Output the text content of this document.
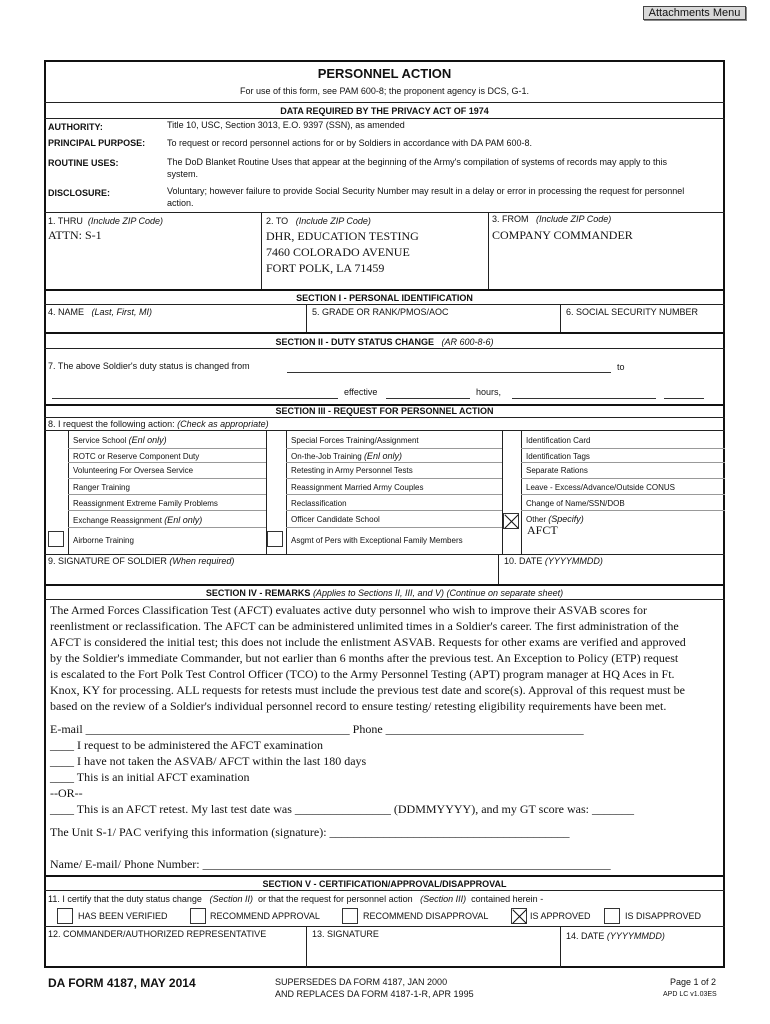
Attachments Menu
PERSONNEL ACTION
For use of this form, see PAM 600-8; the proponent agency is DCS, G-1.
DATA REQUIRED BY THE PRIVACY ACT OF 1974
AUTHORITY:	Title 10, USC, Section 3013, E.O. 9397 (SSN), as amended
PRINCIPAL PURPOSE: To request or record personnel actions for or by Soldiers in accordance with DA PAM 600-8.
ROUTINE USES:	The DoD Blanket Routine Uses that appear at the beginning of the Army's compilation of systems of records may apply to this system.
DISCLOSURE:	Voluntary; however failure to provide Social Security Number may result in a delay or error in processing the request for personnel action.
1. THRU (Include ZIP Code)
ATTN: S-1
2. TO (Include ZIP Code)
DHR, EDUCATION TESTING
7460 COLORADO AVENUE
FORT POLK, LA 71459
3. FROM (Include ZIP Code)
COMPANY COMMANDER
SECTION I - PERSONAL IDENTIFICATION
4. NAME (Last, First, MI)	5. GRADE OR RANK/PMOS/AOC	6. SOCIAL SECURITY NUMBER
SECTION II - DUTY STATUS CHANGE (AR 600-8-6)
7. The above Soldier's duty status is changed from	to
effective	hours,
SECTION III - REQUEST FOR PERSONNEL ACTION
8. I request the following action: (Check as appropriate)
Service School (Enl only)
ROTC or Reserve Component Duty
Volunteering For Oversea Service
Ranger Training
Reassignment Extreme Family Problems
Exchange Reassignment (Enl only)
Airborne Training
Special Forces Training/Assignment
On-the-Job Training (Enl only)
Retesting in Army Personnel Tests
Reassignment Married Army Couples
Reclassification
Officer Candidate School
Asgmt of Pers with Exceptional Family Members
Identification Card
Identification Tags
Separate Rations
Leave - Excess/Advance/Outside CONUS
Change of Name/SSN/DOB
Other (Specify)
AFCT
9. SIGNATURE OF SOLDIER (When required)	10. DATE (YYYYMMDD)
SECTION IV - REMARKS (Applies to Sections II, III, and V) (Continue on separate sheet)
The Armed Forces Classification Test (AFCT) evaluates active duty personnel who wish to improve their ASVAB scores for
reenlistment or reclassification. The AFCT can be administered unlimited times in a Soldier's career. The first administration of the
AFCT is considered the initial test; this does not include the enlistment ASVAB. Requests for other exams are verified and approved
by the Soldier's immediate Commander, but not earlier than 6 months after the previous test. An Exception to Policy (ETP) request
is escalated to the Fort Polk Test Control Officer (TCO) to the Army Personnel Testing (APT) program manager at HQ Aces in Ft.
Knox, KY for processing. ALL requests for retests must include the previous test date and score(s). Approval of this request must be
based on the review of a Soldier's individual personnel record to ensure testing/ retesting eligibility requirements have been met.
E-mail ____________________________________________ Phone _________________________________
____ I request to be administered the AFCT examination
____ I have not taken the ASVAB/ AFCT within the last 180 days
____ This is an initial AFCT examination
--OR--
____ This is an AFCT retest. My last test date was ________________ (DDMMYYYY), and my GT score was: _______
The Unit S-1/ PAC verifying this information (signature): ________________________________________
Name/ E-mail/ Phone Number: ____________________________________________________________________
SECTION V - CERTIFICATION/APPROVAL/DISAPPROVAL
11. I certify that the duty status change (Section II) or that the request for personnel action (Section III) contained herein -
HAS BEEN VERIFIED	RECOMMEND APPROVAL	RECOMMEND DISAPPROVAL	IS APPROVED	IS DISAPPROVED
12. COMMANDER/AUTHORIZED REPRESENTATIVE	13. SIGNATURE	14. DATE (YYYYMMDD)
DA FORM 4187, MAY 2014	SUPERSEDES DA FORM 4187, JAN 2000
AND REPLACES DA FORM 4187-1-R, APR 1995
Page 1 of 2
APD LC v1.03ES
